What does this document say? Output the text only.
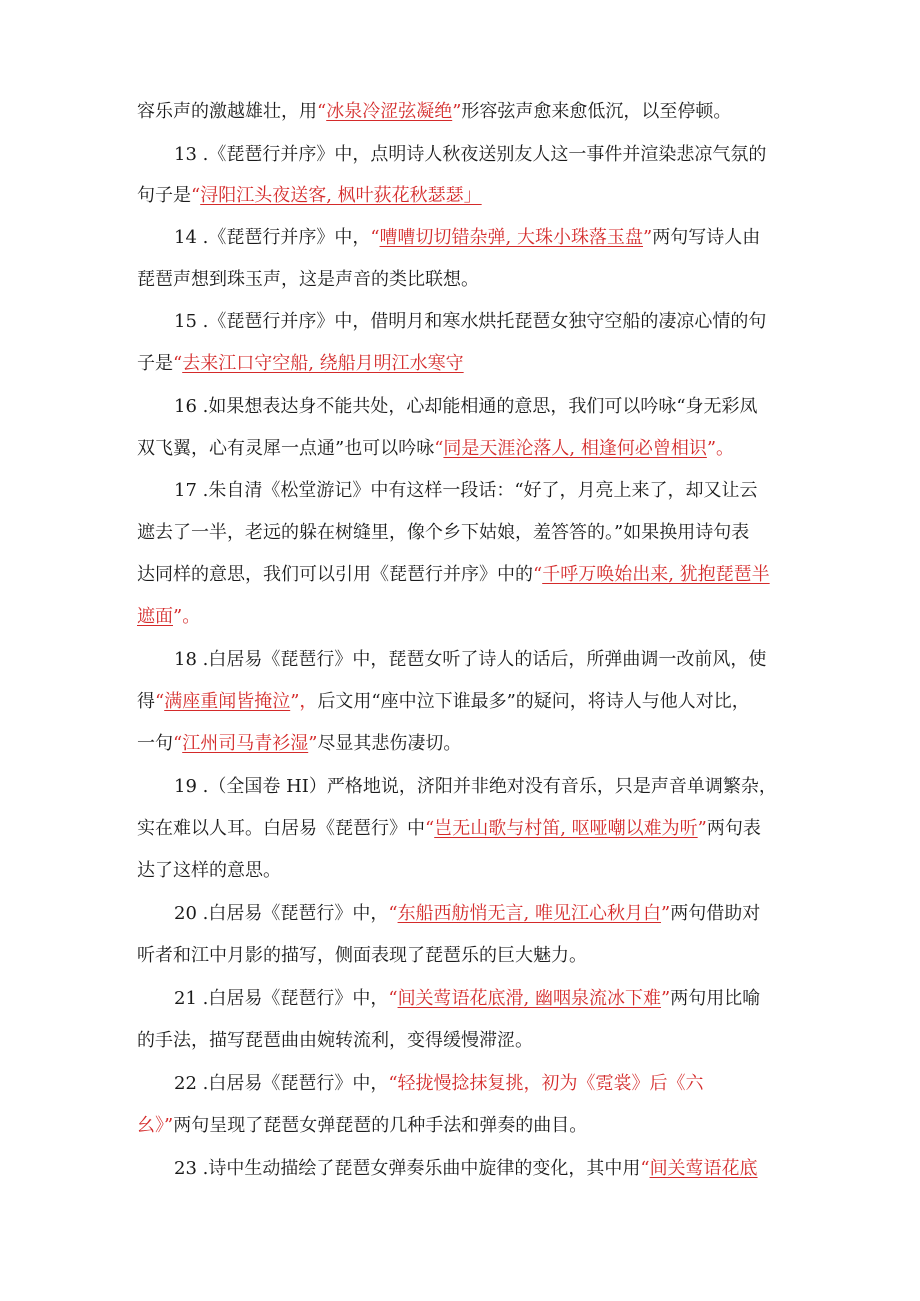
容乐声的激越雄壮，用“冰泉冷涩弦凝绝”形容弦声愈来愈低沉，以至停顿。
13 .《琵琶行并序》中，点明诗人秋夜送别友人这一事件并渲染悲凉气氛的
句子是“浔阳江头夜送客, 枫叶荻花秋瑟瑟」
14 .《琵琶行并序》中，“嘈嘈切切错杂弹, 大珠小珠落玉盘”两句写诗人由
琵琶声想到珠玉声，这是声音的类比联想。
15 .《琵琶行并序》中，借明月和寒水烘托琵琶女独守空船的凄凉心情的句
子是“去来江口守空船, 绕船月明江水寒守
16 .如果想表达身不能共处，心却能相通的意思，我们可以吟咏“身无彩凤
双飞翼，心有灵犀一点通”也可以吟咏“同是天涯沦落人, 相逢何必曾相识”。
17 .朱自清《松堂游记》中有这样一段话：“好了，月亮上来了，却又让云
遮去了一半，老远的躲在树缝里，像个乡下姑娘，羞答答的。”如果换用诗句表
达同样的意思，我们可以引用《琵琶行并序》中的“千呼万唤始出来, 犹抱琵琶半
遮面”。
18 .白居易《琵琶行》中，琵琶女听了诗人的话后，所弹曲调一改前风，使
得“满座重闻皆掩泣”，后文用“座中泣下谁最多”的疑问，将诗人与他人对比，
一句“江州司马青衫湿”尽显其悲伤凄切。
19 .（全国卷 HI）严格地说，济阳并非绝对没有音乐，只是声音单调繁杂，
实在难以人耳。白居易《琵琶行》中“岂无山歌与村笛, 呕哑嘲以难为听”两句表
达了这样的意思。
20 .白居易《琵琶行》中，“东船西舫悄无言, 唯见江心秋月白”两句借助对
听者和江中月影的描写，侧面表现了琵琶乐的巨大魅力。
21 .白居易《琵琶行》中，“间关莺语花底滑, 幽咽泉流冰下难”两句用比喻
的手法，描写琵琶曲由婉转流利，变得缓慢滞涩。
22 .白居易《琵琶行》中，“轻拢慢捻抹复挑，初为《霓裳》后《六
幺》”两句呈现了琵琶女弹琵琶的几种手法和弹奏的曲目。
23 .诗中生动描绘了琵琶女弹奏乐曲中旋律的变化，其中用“间关莺语花底
